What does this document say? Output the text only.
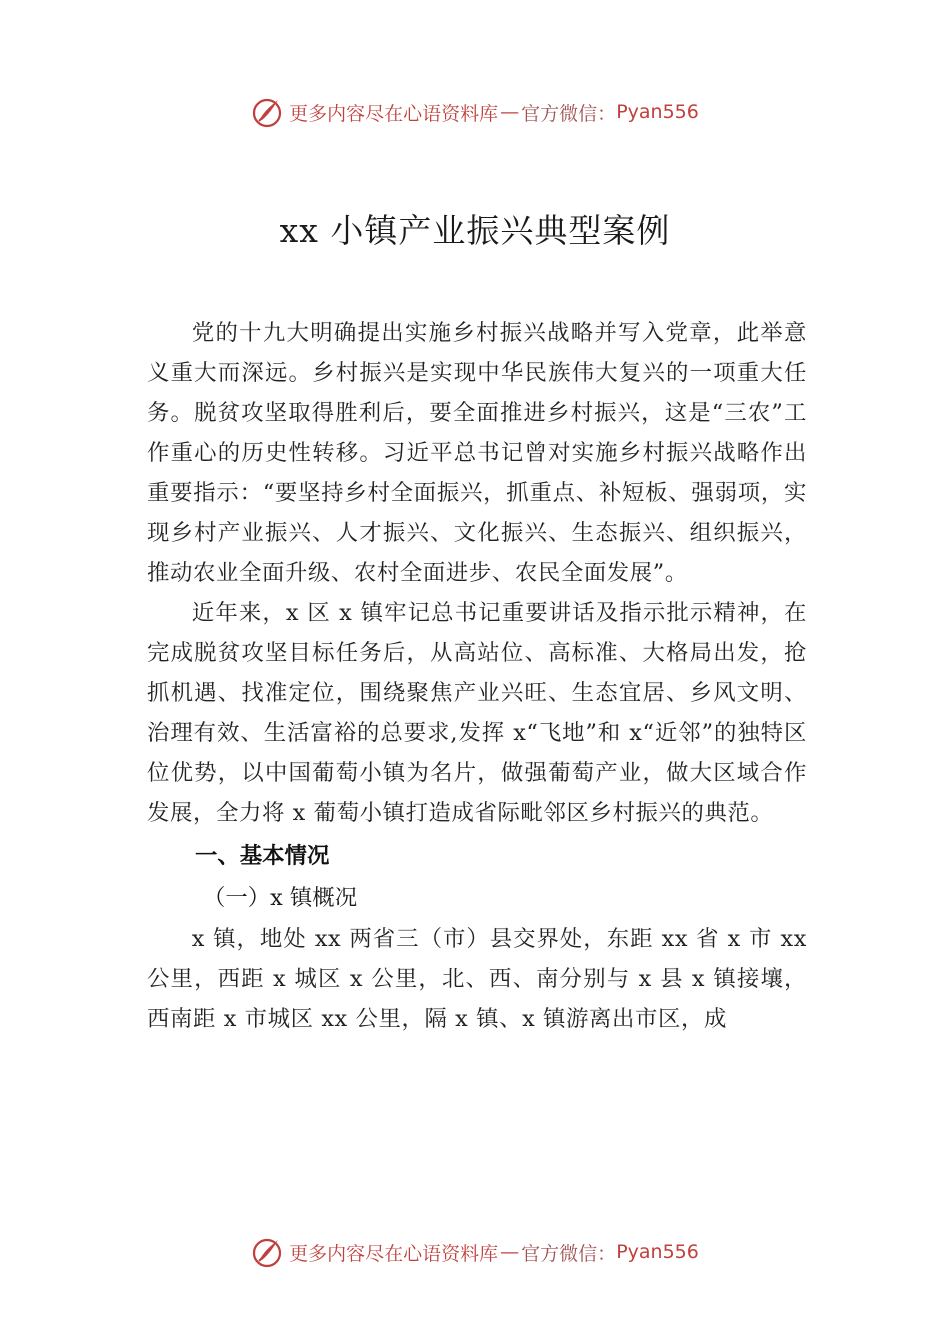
更多内容尽在心语资料库 — 官方微信： Pyan556
xx 小镇产业振兴典型案例

党的十九大明确提出实施乡村振兴战略并写入党章，此举意义重大而深远。乡村振兴是实现中华民族伟大复兴的一项重大任务。脱贫攻坚取得胜利后，要全面推进乡村振兴，这是“三农”工作重心的历史性转移。习近平总书记曾对实施乡村振兴战略作出重要指示：“要坚持乡村全面振兴，抓重点、补短板、强弱项，实现乡村产业振兴、人才振兴、文化振兴、生态振兴、组织振兴，推动农业全面升级、农村全面进步、农民全面发展”。

近年来，x 区 x 镇牢记总书记重要讲话及指示批示精神，在完成脱贫攻坚目标任务后，从高站位、高标准、大格局出发，抢抓机遇、找准定位，围绕聚焦产业兴旺、生态宜居、乡风文明、治理有效、生活富裕的总要求,发挥 x“飞地”和 x“近邻”的独特区位优势，以中国葡萄小镇为名片，做强葡萄产业，做大区域合作发展，全力将 x 葡萄小镇打造成省际毗邻区乡村振兴的典范。

一、基本情况
（一）x 镇概况

x 镇，地处 xx 两省三（市）县交界处，东距 xx 省 x 市 xx 公里，西距 x 城区 x 公里，北、西、南分别与 x 县 x 镇接壤，西南距 x 市城区 xx 公里，隔 x 镇、x 镇游离出市区，成

更多内容尽在心语资料库 — 官方微信： Pyan556
